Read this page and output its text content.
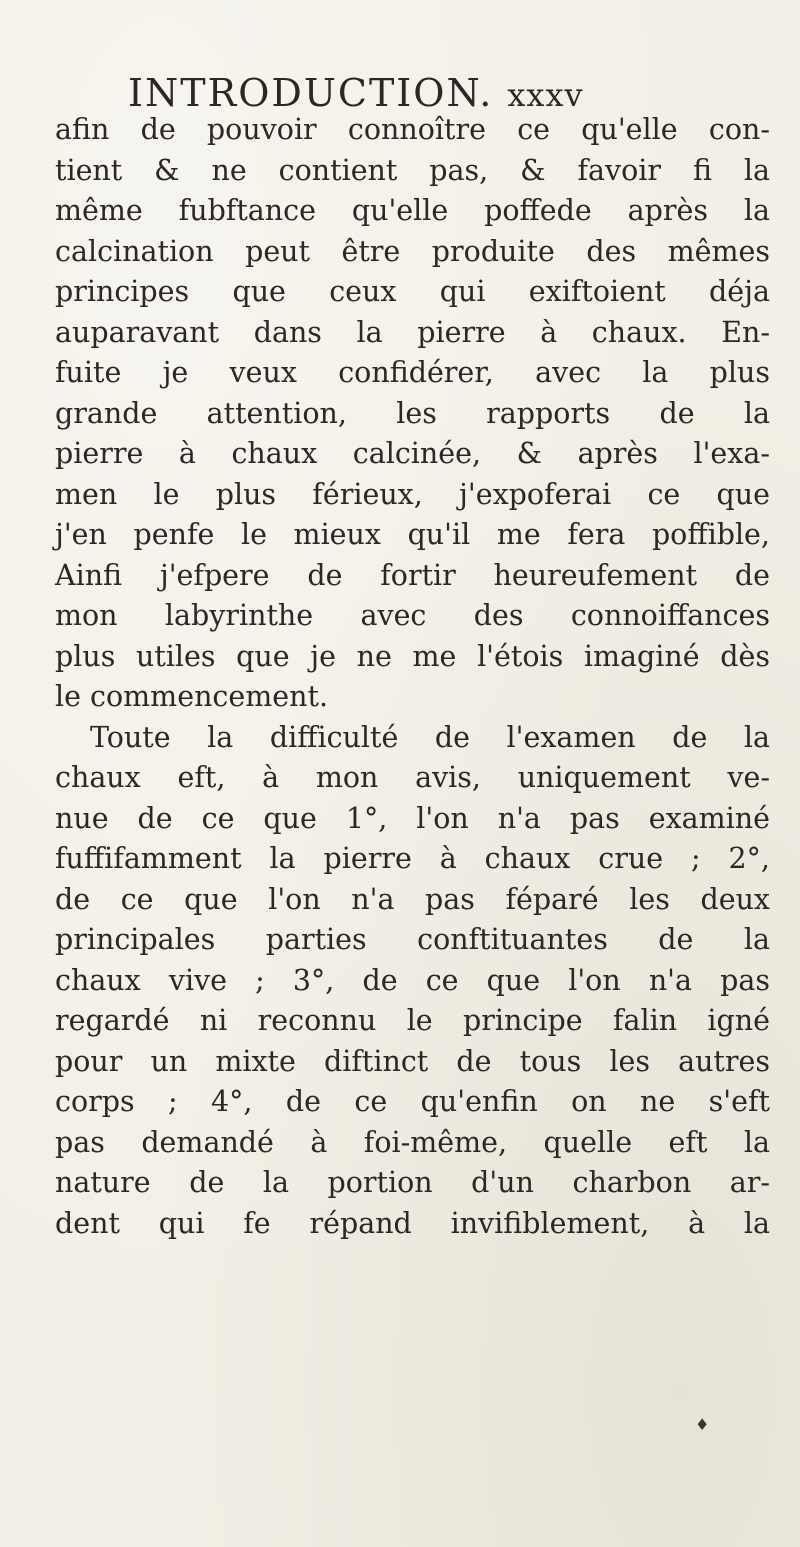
INTRODUCTION. xxxv
afin de pouvoir connoître ce qu'elle con-
tient & ne contient pas, & favoir fi la
même fubftance qu'elle poffede après la
calcination peut être produite des mêmes
principes que ceux qui exiftoient déja
auparavant dans la pierre à chaux. En-
fuite je veux confidérer, avec la plus
grande attention, les rapports de la
pierre à chaux calcinée, & après l'exa-
men le plus férieux, j'expoferai ce que
j'en penfe le mieux qu'il me fera poffible,
Ainfi j'efpere de fortir heureufement de
mon labyrinthe avec des connoiffances
plus utiles que je ne me l'étois imaginé dès
le commencement.
Toute la difficulté de l'examen de la
chaux eft, à mon avis, uniquement ve-
nue de ce que 1°, l'on n'a pas examiné
fuffifamment la pierre à chaux crue ; 2°,
de ce que l'on n'a pas féparé les deux
principales parties conftituantes de la
chaux vive ; 3°, de ce que l'on n'a pas
regardé ni reconnu le principe falin igné
pour un mixte diftinct de tous les autres
corps ; 4°, de ce qu'enfin on ne s'eft
pas demandé à foi-même, quelle eft la
nature de la portion d'un charbon ar-
dent qui fe répand invifiblement, à la
♦
